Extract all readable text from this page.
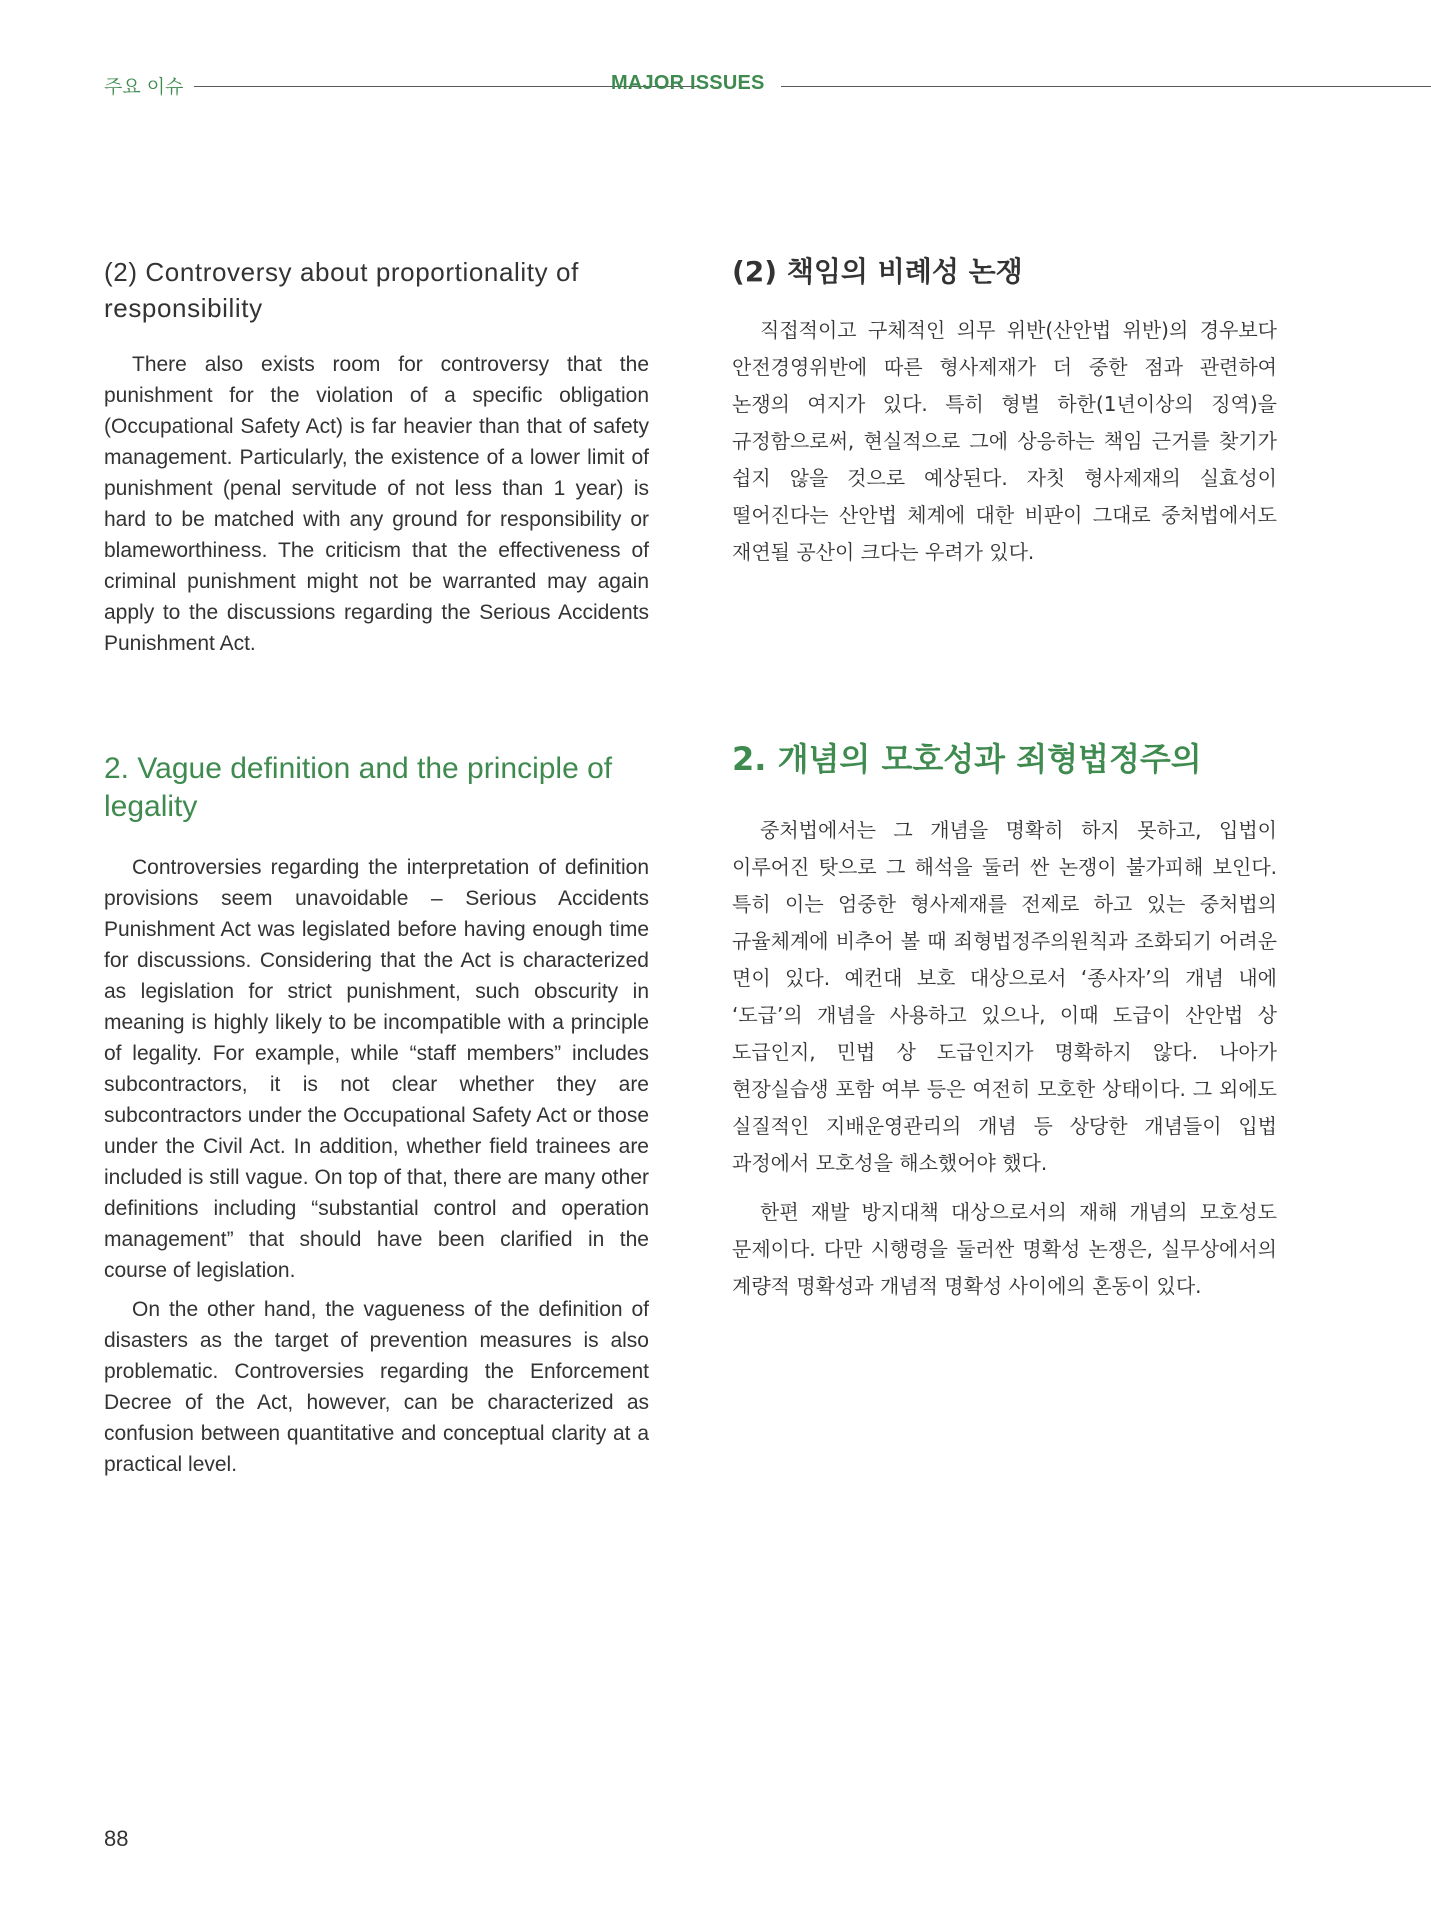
주요 이슈	MAJOR ISSUES
(2) Controversy about proportionality of responsibility

There also exists room for controversy that the punishment for the violation of a specific obligation (Occupational Safety Act) is far heavier than that of safety management. Particularly, the existence of a lower limit of punishment (penal servitude of not less than 1 year) is hard to be matched with any ground for responsibility or blameworthiness. The criticism that the effectiveness of criminal punishment might not be warranted may again apply to the discussions regarding the Serious Accidents Punishment Act.

(2) 책임의 비례성 논쟁

직접적이고 구체적인 의무 위반(산안법 위반)의 경우보다 안전경영위반에 따른 형사제재가 더 중한 점과 관련하여 논쟁의 여지가 있다. 특히 형벌 하한(1년이상의 징역)을 규정함으로써, 현실적으로 그에 상응하는 책임 근거를 찾기가 쉽지 않을 것으로 예상된다. 자칫 형사제재의 실효성이 떨어진다는 산안법 체계에 대한 비판이 그대로 중처법에서도 재연될 공산이 크다는 우려가 있다.

2. Vague definition and the principle of legality

Controversies regarding the interpretation of definition provisions seem unavoidable – Serious Accidents Punishment Act was legislated before having enough time for discussions. Considering that the Act is characterized as legislation for strict punishment, such obscurity in meaning is highly likely to be incompatible with a principle of legality. For example, while “staff members” includes subcontractors, it is not clear whether they are subcontractors under the Occupational Safety Act or those under the Civil Act. In addition, whether field trainees are included is still vague. On top of that, there are many other definitions including “substantial control and operation management” that should have been clarified in the course of legislation.

On the other hand, the vagueness of the definition of disasters as the target of prevention measures is also problematic. Controversies regarding the Enforcement Decree of the Act, however, can be characterized as confusion between quantitative and conceptual clarity at a practical level.

2. 개념의 모호성과 죄형법정주의

중처법에서는 그 개념을 명확히 하지 못하고, 입법이 이루어진 탓으로 그 해석을 둘러 싼 논쟁이 불가피해 보인다. 특히 이는 엄중한 형사제재를 전제로 하고 있는 중처법의 규율체계에 비추어 볼 때 죄형법정주의원칙과 조화되기 어려운 면이 있다. 예컨대 보호 대상으로서 ‘종사자’의 개념 내에 ‘도급’의 개념을 사용하고 있으나, 이때 도급이 산안법 상 도급인지, 민법 상 도급인지가 명확하지 않다. 나아가 현장실습생 포함 여부 등은 여전히 모호한 상태이다. 그 외에도 실질적인 지배운영관리의 개념 등 상당한 개념들이 입법 과정에서 모호성을 해소했어야 했다.

한편 재발 방지대책 대상으로서의 재해 개념의 모호성도 문제이다. 다만 시행령을 둘러싼 명확성 논쟁은, 실무상에서의 계량적 명확성과 개념적 명확성 사이에의 혼동이 있다.

88
